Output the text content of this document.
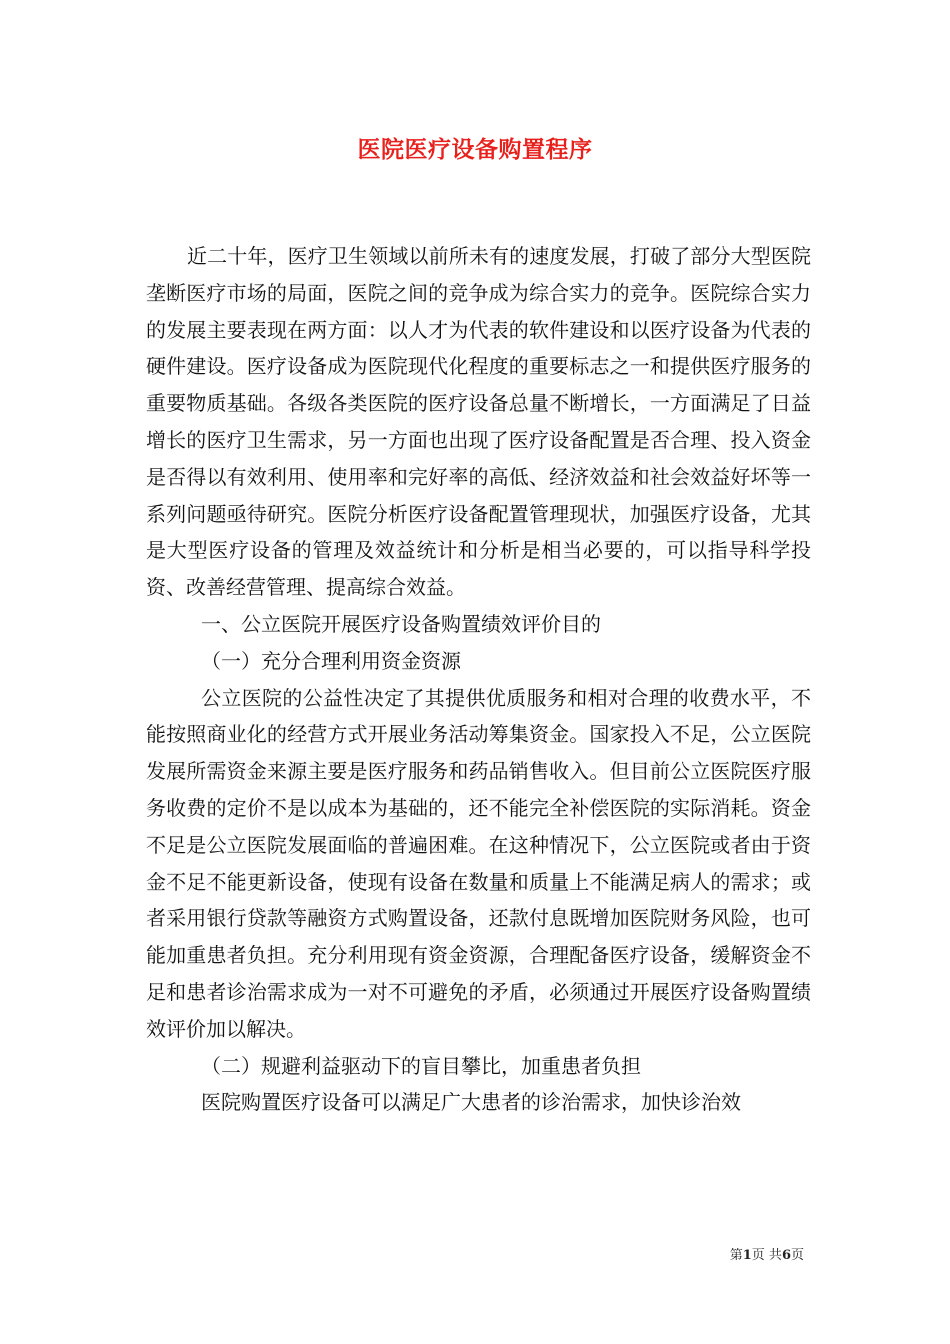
医院医疗设备购置程序

近二十年，医疗卫生领域以前所未有的速度发展，打破了部分大型医院垄断医疗市场的局面，医院之间的竞争成为综合实力的竞争。医院综合实力的发展主要表现在两方面：以人才为代表的软件建设和以医疗设备为代表的硬件建设。医疗设备成为医院现代化程度的重要标志之一和提供医疗服务的重要物质基础。各级各类医院的医疗设备总量不断增长，一方面满足了日益增长的医疗卫生需求，另一方面也出现了医疗设备配置是否合理、投入资金是否得以有效利用、使用率和完好率的高低、经济效益和社会效益好坏等一系列问题亟待研究。医院分析医疗设备配置管理现状，加强医疗设备，尤其是大型医疗设备的管理及效益统计和分析是相当必要的，可以指导科学投资、改善经营管理、提高综合效益。

一、公立医院开展医疗设备购置绩效评价目的

（一）充分合理利用资金资源

公立医院的公益性决定了其提供优质服务和相对合理的收费水平，不能按照商业化的经营方式开展业务活动筹集资金。国家投入不足，公立医院发展所需资金来源主要是医疗服务和药品销售收入。但目前公立医院医疗服务收费的定价不是以成本为基础的，还不能完全补偿医院的实际消耗。资金不足是公立医院发展面临的普遍困难。在这种情况下，公立医院或者由于资金不足不能更新设备，使现有设备在数量和质量上不能满足病人的需求；或者采用银行贷款等融资方式购置设备，还款付息既增加医院财务风险，也可能加重患者负担。充分利用现有资金资源，合理配备医疗设备，缓解资金不足和患者诊治需求成为一对不可避免的矛盾，必须通过开展医疗设备购置绩效评价加以解决。

（二）规避利益驱动下的盲目攀比，加重患者负担

医院购置医疗设备可以满足广大患者的诊治需求，加快诊治效

第1页 共6页
